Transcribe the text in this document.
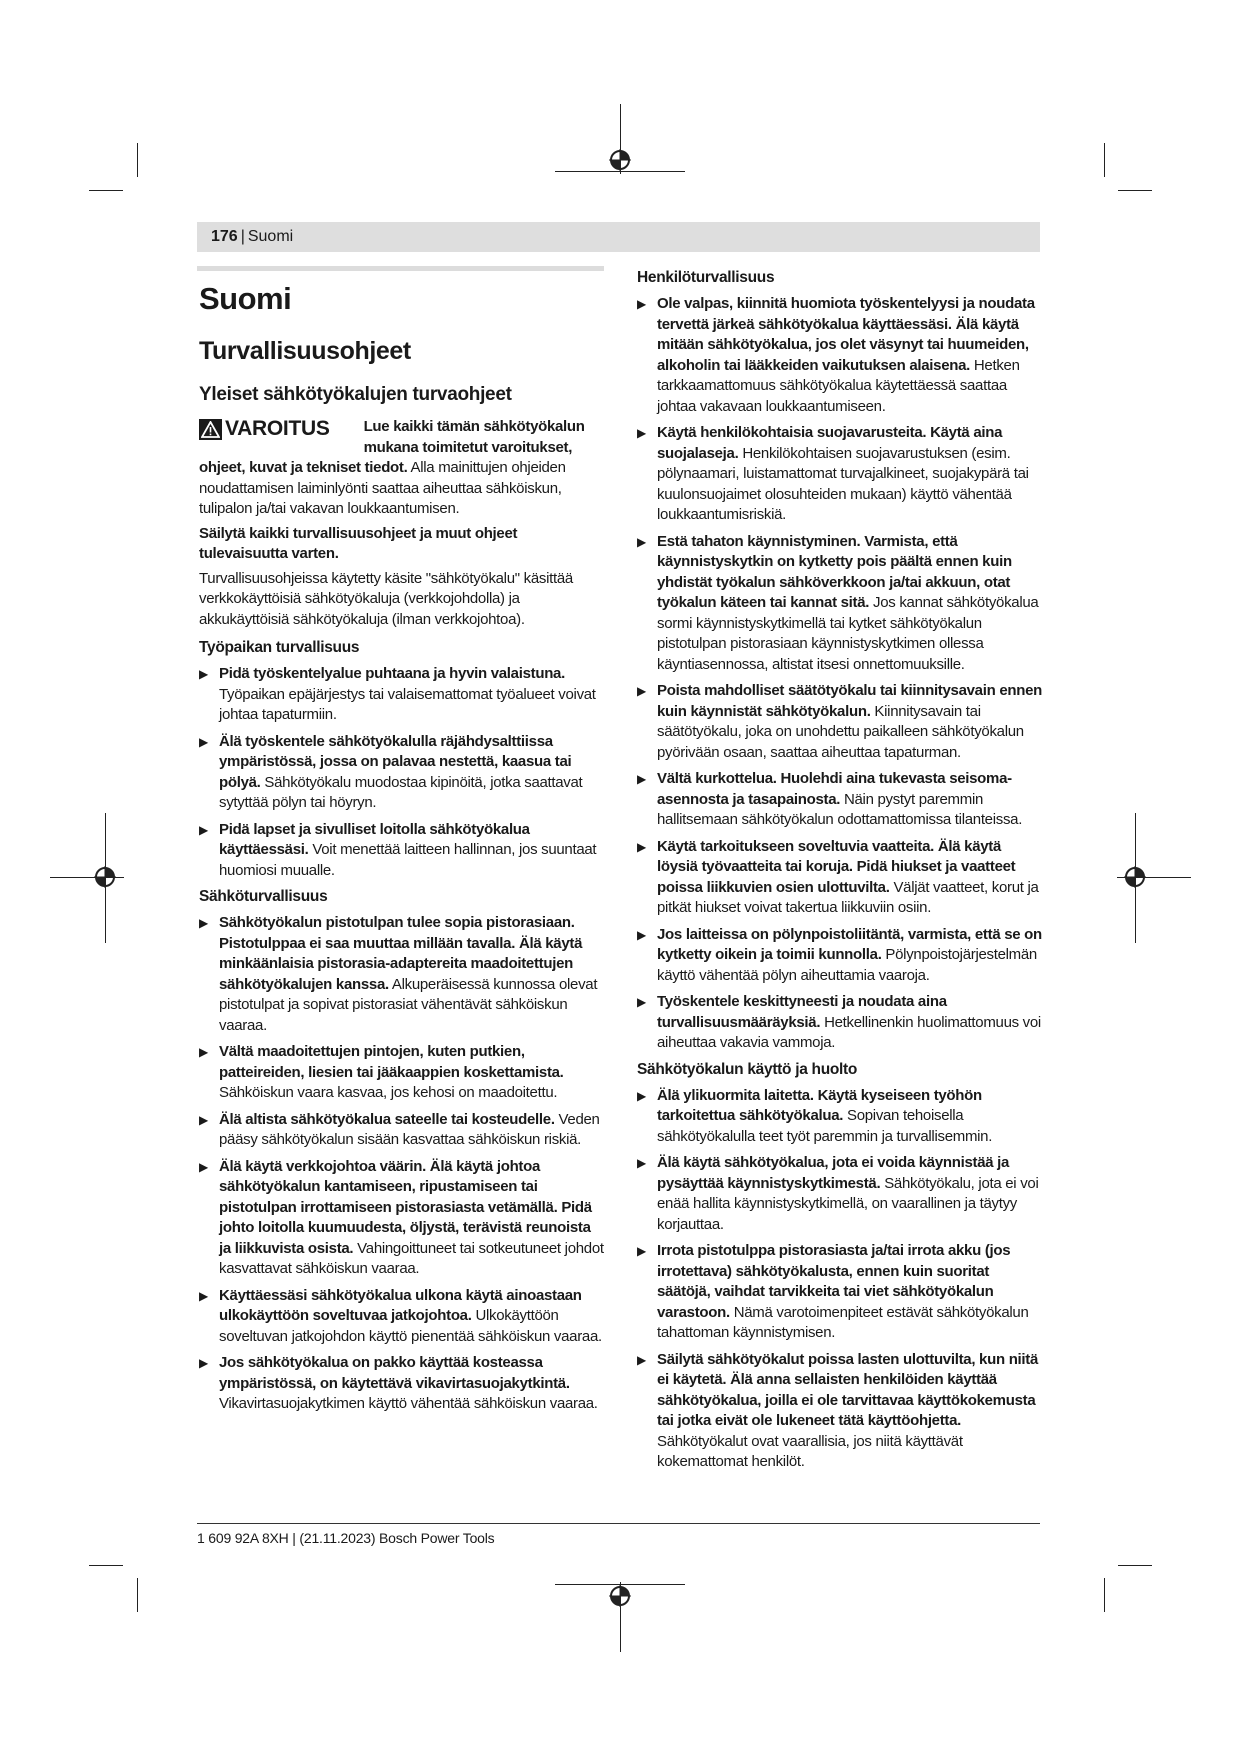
176 | Suomi
Suomi
Turvallisuusohjeet
Yleiset sähkötyökalujen turvaohjeet
VAROITUS	Lue kaikki tämän sähkötyökalun mukana toimitetut varoitukset, ohjeet, kuvat ja tekniset tiedot. Alla mainittujen ohjeiden noudattamisen laiminlyönti saattaa aiheuttaa sähköiskun, tulipalon ja/tai vakavan loukkaantumisen.

Säilytä kaikki turvallisuusohjeet ja muut ohjeet tulevaisuutta varten.

Turvallisuusohjeissa käytetty käsite "sähkötyökalu" käsittää verkkokäyttöisiä sähkötyökaluja (verkkojohdolla) ja akkukäyttöisiä sähkötyökaluja (ilman verkkojohtoa).

Työpaikan turvallisuus
▶ Pidä työskentelyalue puhtaana ja hyvin valaistuna. Työpaikan epäjärjestys tai valaisemattomat työalueet voivat johtaa tapaturmiin.
▶ Älä työskentele sähkötyökalulla räjähdysalttiissa ympäristössä, jossa on palavaa nestettä, kaasua tai pölyä. Sähkötyökalu muodostaa kipinöitä, jotka saattavat sytyttää pölyn tai höyryn.
▶ Pidä lapset ja sivulliset loitolla sähkötyökalua käyttäessäsi. Voit menettää laitteen hallinnan, jos suuntaat huomiosi muualle.
Sähköturvallisuus
▶ Sähkötyökalun pistotulpan tulee sopia pistorasiaan. Pistotulppaa ei saa muuttaa millään tavalla. Älä käytä minkäänlaisia pistorasia-adaptereita maadoitettujen sähkötyökalujen kanssa. Alkuperäisessä kunnossa olevat pistotulpat ja sopivat pistorasiat vähentävät sähköiskun vaaraa.
▶ Vältä maadoitettujen pintojen, kuten putkien, patteireiden, liesien tai jääkaappien koskettamista. Sähköiskun vaara kasvaa, jos kehosi on maadoitettu.
▶ Älä altista sähkötyökalua sateelle tai kosteudelle. Veden pääsy sähkötyökalun sisään kasvattaa sähköiskun riskiä.
▶ Älä käytä verkkojohtoa väärin. Älä käytä johtoa sähkötyökalun kantamiseen, ripustamiseen tai pistotulpan irrottamiseen pistorasiasta vetämällä. Pidä johto loitolla kuumuudesta, öljystä, terävistä reunoista ja liikkuvista osista. Vahingoittuneet tai sotkeutuneet johdot kasvattavat sähköiskun vaaraa.
▶ Käyttäessäsi sähkötyökalua ulkona käytä ainoastaan ulkokäyttöön soveltuvaa jatkojohtoa. Ulkokäyttöön soveltuvan jatkojohdon käyttö pienentää sähköiskun vaaraa.
▶ Jos sähkötyökalua on pakko käyttää kosteassa ympäristössä, on käytettävä vikavirtasuojakytkintä. Vikavirtasuojakytkimen käyttö vähentää sähköiskun vaaraa.
Henkilöturvallisuus
▶ Ole valpas, kiinnitä huomiota työskentelyysi ja noudata tervettä järkeä sähkötyökalua käyttäessäsi. Älä käytä mitään sähkötyökalua, jos olet väsynyt tai huumeiden, alkoholin tai lääkkeiden vaikutuksen alaisena. Hetken tarkkaamattomuus sähkötyökalua käytettäessä saattaa johtaa vakavaan loukkaantumiseen.
▶ Käytä henkilökohtaisia suojavarusteita. Käytä aina suojalaseja. Henkilökohtaisen suojavarustuksen (esim. pölynaamari, luistamattomat turvajalkineet, suojakypärä tai kuulonsuojaimet olosuhteiden mukaan) käyttö vähentää loukkaantumisriskiä.
▶ Estä tahaton käynnistyminen. Varmista, että käynnistyskytkin on kytketty pois päältä ennen kuin yhdistät työkalun sähköverkkoon ja/tai akkuun, otat työkalun käteen tai kannat sitä. Jos kannat sähkötyökalua sormi käynnistyskytkimellä tai kytket sähkötyökalun pistotulpan pistorasiaan käynnistyskytkimen ollessa käyntiasennossa, altistat itsesi onnettomuuksille.
▶ Poista mahdolliset säätötyökalu tai kiinnitysavain ennen kuin käynnistät sähkötyökalun. Kiinnitysavain tai säätötyökalu, joka on unohdettu paikalleen sähkötyökalun pyörivään osaan, saattaa aiheuttaa tapaturman.
▶ Vältä kurkottelua. Huolehdi aina tukevasta seisoma-asennosta ja tasapainosta. Näin pystyt paremmin hallitsemaan sähkötyökalun odottamattomissa tilanteissa.
▶ Käytä tarkoitukseen soveltuvia vaatteita. Älä käytä löysiä työvaatteita tai koruja. Pidä hiukset ja vaatteet poissa liikkuvien osien ulottuvilta. Väljät vaatteet, korut ja pitkät hiukset voivat takertua liikkuviin osiin.
▶ Jos laitteissa on pölynpoistoliitäntä, varmista, että se on kytketty oikein ja toimii kunnolla. Pölynpoistojärjestelmän käyttö vähentää pölyn aiheuttamia vaaroja.
▶ Työskentele keskittyneesti ja noudata aina turvallisuusmääräyksiä. Hetkellinenkin huolimattomuus voi aiheuttaa vakavia vammoja.
Sähkötyökalun käyttö ja huolto
▶ Älä ylikuormita laitetta. Käytä kyseiseen työhön tarkoitettua sähkötyökalua. Sopivan tehoisella sähkötyökalulla teet työt paremmin ja turvallisemmin.
▶ Älä käytä sähkötyökalua, jota ei voida käynnistää ja pysäyttää käynnistyskytkimestä. Sähkötyökalu, jota ei voi enää hallita käynnistyskytkimellä, on vaarallinen ja täytyy korjauttaa.
▶ Irrota pistotulppa pistorasiasta ja/tai irrota akku (jos irrotettava) sähkötyökalusta, ennen kuin suoritat säätöjä, vaihdat tarvikkeita tai viet sähkötyökalun varastoon. Nämä varotoimenpiteet estävät sähkötyökalun tahattoman käynnistymisen.
▶ Säilytä sähkötyökalut poissa lasten ulottuvilta, kun niitä ei käytetä. Älä anna sellaisten henkilöiden käyttää sähkötyökalua, joilla ei ole tarvittavaa käyttökokemusta tai jotka eivät ole lukeneet tätä käyttöohjetta. Sähkötyökalut ovat vaarallisia, jos niitä käyttävät kokemattomat henkilöt.
1 609 92A 8XH | (21.11.2023) Bosch Power Tools
